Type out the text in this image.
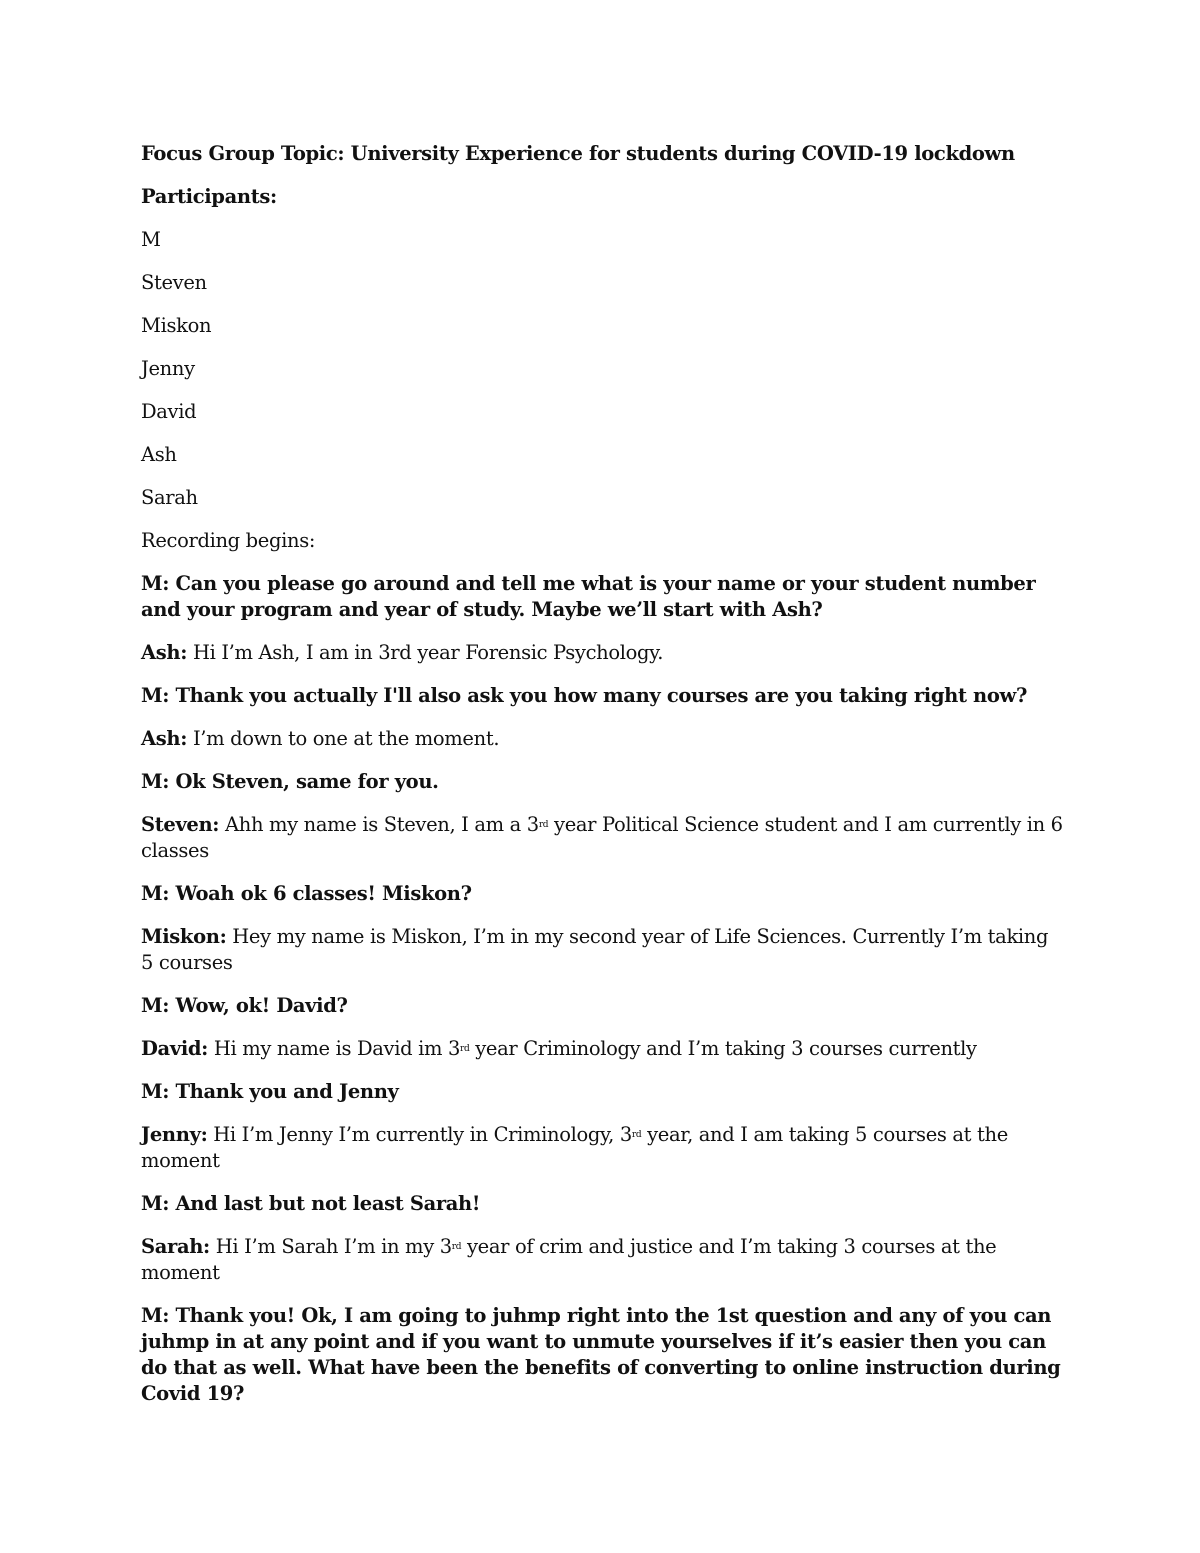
Focus Group Topic: University Experience for students during COVID-19 lockdown

Participants:

M

Steven

Miskon

Jenny

David

Ash

Sarah

Recording begins:

M: Can you please go around and tell me what is your name or your student number and your program and year of study. Maybe we’ll start with Ash?

Ash: Hi I’m Ash, I am in 3rd year Forensic Psychology.

M: Thank you actually I'll also ask you how many courses are you taking right now?

Ash: I’m down to one at the moment.

M: Ok Steven, same for you.

Steven: Ahh my name is Steven, I am a 3rd year Political Science student and I am currently in 6 classes

M: Woah ok 6 classes! Miskon?

Miskon: Hey my name is Miskon, I’m in my second year of Life Sciences. Currently I’m taking 5 courses

M: Wow, ok! David?

David: Hi my name is David im 3rd year Criminology and I’m taking 3 courses currently

M: Thank you and Jenny

Jenny: Hi I’m Jenny I’m currently in Criminology, 3rd year, and I am taking 5 courses at the moment

M: And last but not least Sarah!

Sarah: Hi I’m Sarah I’m in my 3rd year of crim and justice and I’m taking 3 courses at the moment

M: Thank you! Ok, I am going to juhmp right into the 1st question and any of you can juhmp in at any point and if you want to unmute yourselves if it’s easier then you can do that as well. What have been the benefits of converting to online instruction during Covid 19?
